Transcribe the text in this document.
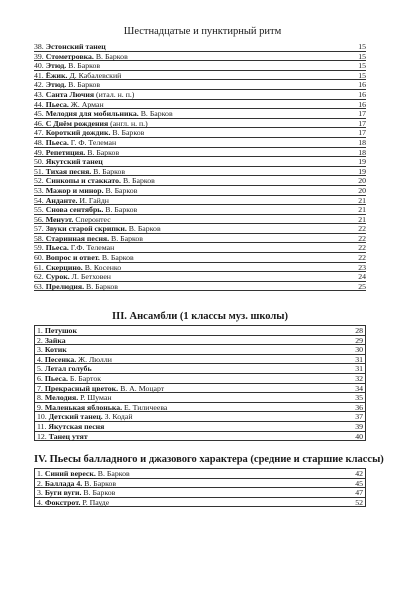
Шестнадцатые и пунктирный ритм
38. Эстонский танец	15
39. Стометровка. В. Барков	15
40. Этюд. В. Барков	15
41. Ёжик. Д. Кабалевский	15
42. Этюд. В. Барков	16
43. Санта Лючия (итал. н. п.)	16
44. Пьеса. Ж. Арман	16
45. Мелодия для мобильника. В. Барков	17
46. С Днём рождения (англ. н. п.)	17
47. Короткий дождик. В. Барков	17
48. Пьеса. Г. Ф. Телеман	18
49. Репетиция. В. Барков	18
50. Якутский танец	19
51. Тихая песня. В. Барков	19
52. Синкопы и стаккато. В. Барков	20
53. Мажор и минор. В. Барков	20
54. Андантe. И. Гайдн	21
55. Снова сентябрь. В. Барков	21
56. Менуэт. Сперонтес	21
57. Звуки старой скрипки. В. Барков	22
58. Старинная песня. В. Барков	22
59. Пьеса. Г.Ф. Телеман	22
60. Вопрос и ответ. В. Барков	22
61. Скерцино. В. Косенко	23
62. Сурок. Л. Бетховен	24
63. Прелюдия. В. Барков	25
III. Ансамбли (1 классы муз. школы)
1. Петушок	28
2. Зайка	29
3. Котик	30
4. Песенка. Ж. Люлли	31
5. Летал голубь	31
6. Пьеса. Б. Барток	32
7. Прекрасный цветок. В. А. Моцарт	34
8. Мелодия. Р. Шуман	35
9. Маленькая яблонька. Е. Тиличеева	36
10. Детский танец. З. Кодай	37
11. Якутская песня	39
12. Танец утят	40
IV. Пьесы балладного и джазового характера (средние и старшие классы)
1. Синий вереск. В. Барков	42
2. Баллада 4. В. Барков	45
3. Буги вуги. В. Барков	47
4. Фокстрот. Р. Пауде	52
